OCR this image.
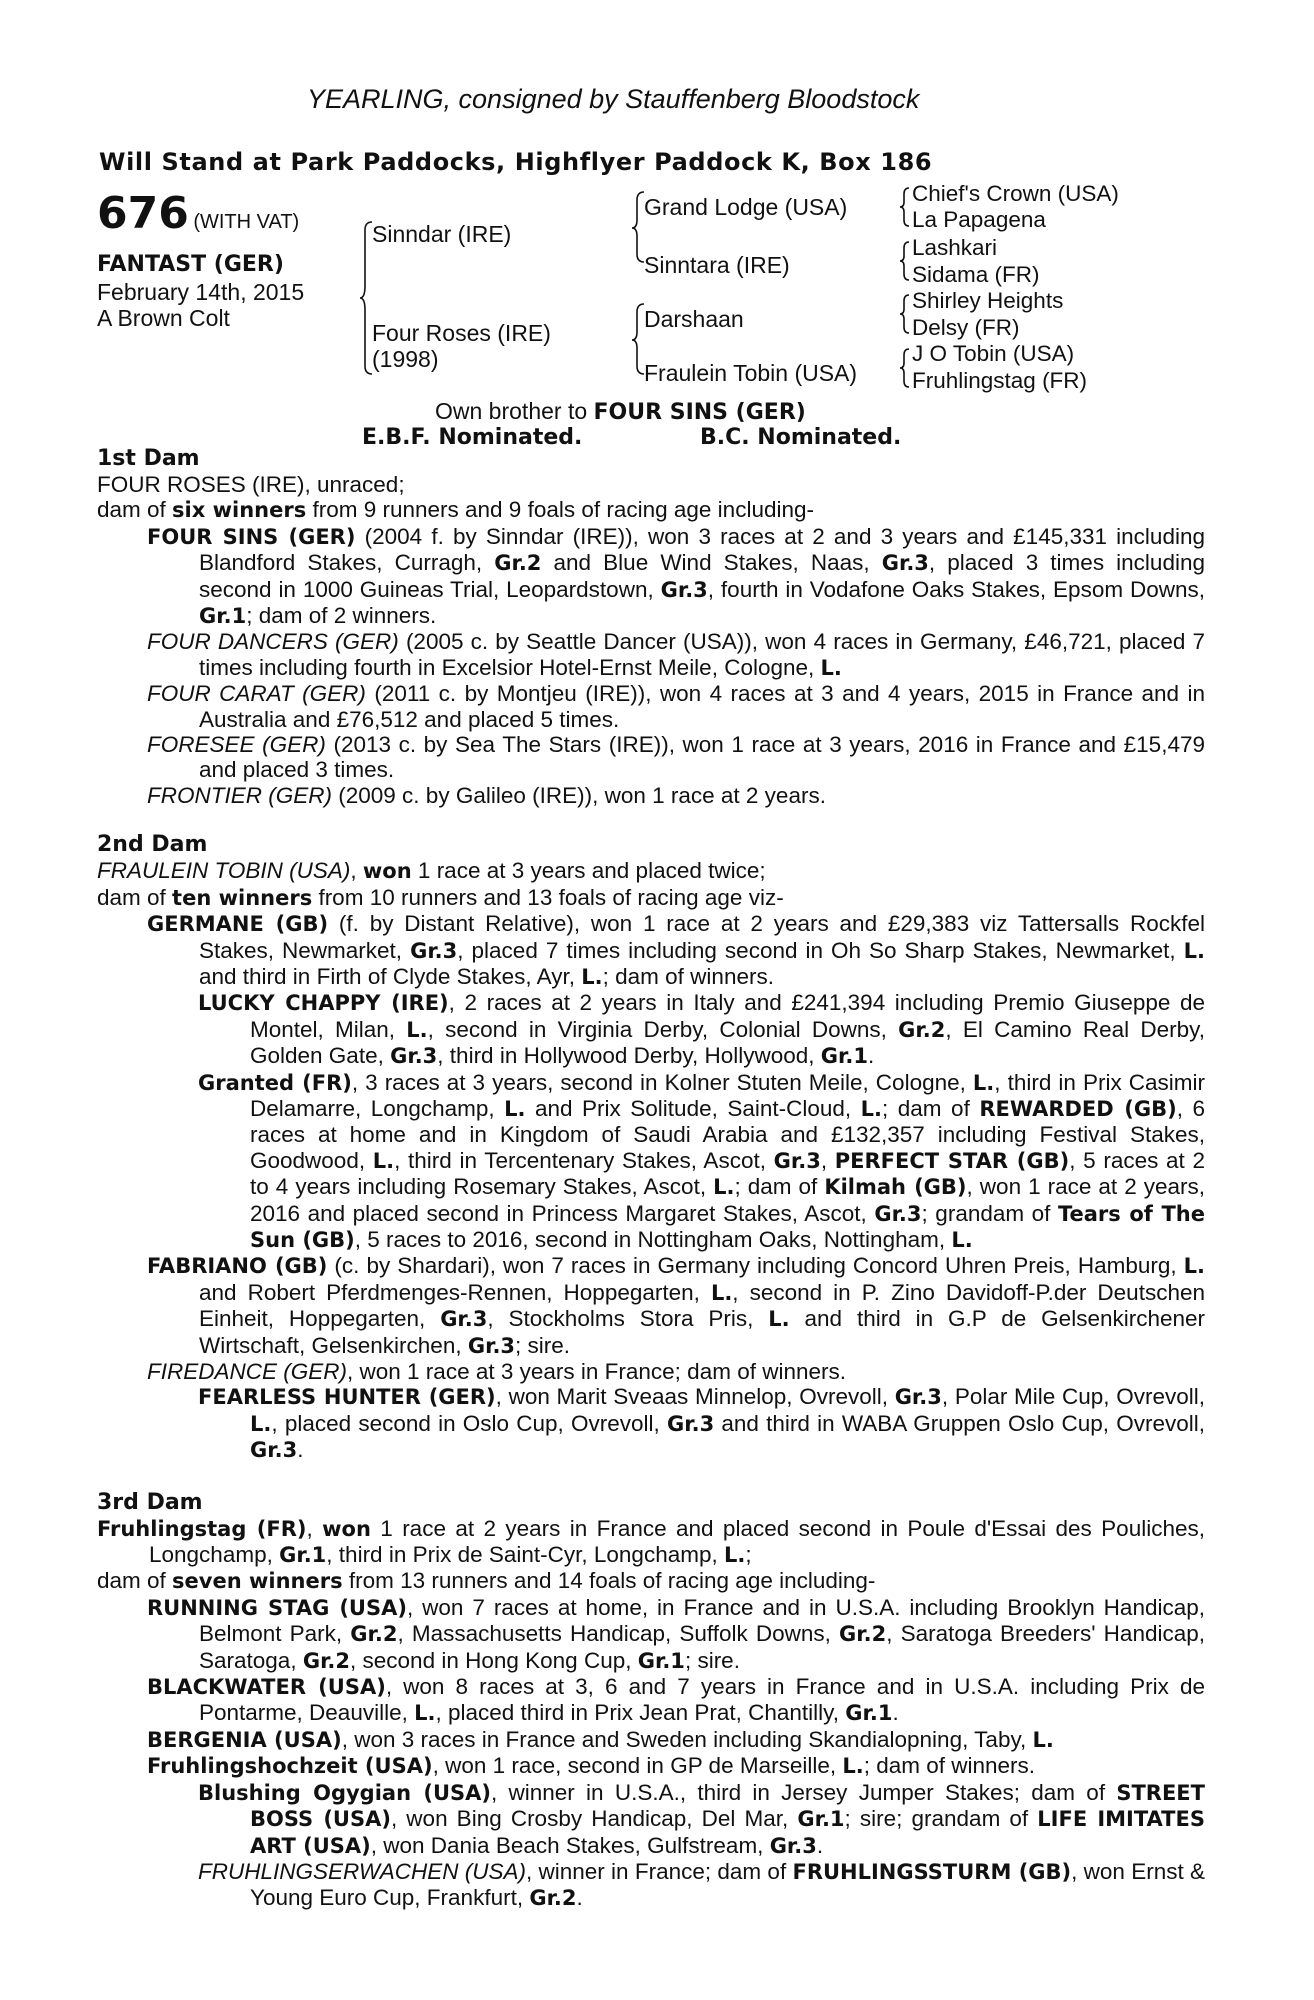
YEARLING, consigned by Stauffenberg Bloodstock
Will Stand at Park Paddocks, Highflyer Paddock K, Box 186
676 (WITH VAT)
FANTAST (GER)
February 14th, 2015
A Brown Colt
Sinndar (IRE)
Four Roses (IRE)
(1998)
Grand Lodge (USA)
Sinntara (IRE)
Darshaan
Fraulein Tobin (USA)
Chief's Crown (USA)
La Papagena
Lashkari
Sidama (FR)
Shirley Heights
Delsy (FR)
J O Tobin (USA)
Fruhlingstag (FR)
Own brother to FOUR SINS (GER)
E.B.F. Nominated.	B.C. Nominated.
1st Dam
FOUR ROSES (IRE), unraced;
dam of six winners from 9 runners and 9 foals of racing age including-
FOUR SINS (GER) (2004 f. by Sinndar (IRE)), won 3 races at 2 and 3 years and £145,331 including Blandford Stakes, Curragh, Gr.2 and Blue Wind Stakes, Naas, Gr.3, placed 3 times including second in 1000 Guineas Trial, Leopardstown, Gr.3, fourth in Vodafone Oaks Stakes, Epsom Downs, Gr.1; dam of 2 winners.
FOUR DANCERS (GER) (2005 c. by Seattle Dancer (USA)), won 4 races in Germany, £46,721, placed 7 times including fourth in Excelsior Hotel-Ernst Meile, Cologne, L.
FOUR CARAT (GER) (2011 c. by Montjeu (IRE)), won 4 races at 3 and 4 years, 2015 in France and in Australia and £76,512 and placed 5 times.
FORESEE (GER) (2013 c. by Sea The Stars (IRE)), won 1 race at 3 years, 2016 in France and £15,479 and placed 3 times.
FRONTIER (GER) (2009 c. by Galileo (IRE)), won 1 race at 2 years.
2nd Dam
FRAULEIN TOBIN (USA), won 1 race at 3 years and placed twice;
dam of ten winners from 10 runners and 13 foals of racing age viz-
GERMANE (GB) (f. by Distant Relative), won 1 race at 2 years and £29,383 viz Tattersalls Rockfel Stakes, Newmarket, Gr.3, placed 7 times including second in Oh So Sharp Stakes, Newmarket, L. and third in Firth of Clyde Stakes, Ayr, L.; dam of winners.
LUCKY CHAPPY (IRE), 2 races at 2 years in Italy and £241,394 including Premio Giuseppe de Montel, Milan, L., second in Virginia Derby, Colonial Downs, Gr.2, El Camino Real Derby, Golden Gate, Gr.3, third in Hollywood Derby, Hollywood, Gr.1.
Granted (FR), 3 races at 3 years, second in Kolner Stuten Meile, Cologne, L., third in Prix Casimir Delamarre, Longchamp, L. and Prix Solitude, Saint-Cloud, L.; dam of REWARDED (GB), 6 races at home and in Kingdom of Saudi Arabia and £132,357 including Festival Stakes, Goodwood, L., third in Tercentenary Stakes, Ascot, Gr.3, PERFECT STAR (GB), 5 races at 2 to 4 years including Rosemary Stakes, Ascot, L.; dam of Kilmah (GB), won 1 race at 2 years, 2016 and placed second in Princess Margaret Stakes, Ascot, Gr.3; grandam of Tears of The Sun (GB), 5 races to 2016, second in Nottingham Oaks, Nottingham, L.
FABRIANO (GB) (c. by Shardari), won 7 races in Germany including Concord Uhren Preis, Hamburg, L. and Robert Pferdmenges-Rennen, Hoppegarten, L., second in P. Zino Davidoff-P.der Deutschen Einheit, Hoppegarten, Gr.3, Stockholms Stora Pris, L. and third in G.P de Gelsenkirchener Wirtschaft, Gelsenkirchen, Gr.3; sire.
FIREDANCE (GER), won 1 race at 3 years in France; dam of winners.
FEARLESS HUNTER (GER), won Marit Sveaas Minnelop, Ovrevoll, Gr.3, Polar Mile Cup, Ovrevoll, L., placed second in Oslo Cup, Ovrevoll, Gr.3 and third in WABA Gruppen Oslo Cup, Ovrevoll, Gr.3.
3rd Dam
Fruhlingstag (FR), won 1 race at 2 years in France and placed second in Poule d'Essai des Pouliches, Longchamp, Gr.1, third in Prix de Saint-Cyr, Longchamp, L.;
dam of seven winners from 13 runners and 14 foals of racing age including-
RUNNING STAG (USA), won 7 races at home, in France and in U.S.A. including Brooklyn Handicap, Belmont Park, Gr.2, Massachusetts Handicap, Suffolk Downs, Gr.2, Saratoga Breeders' Handicap, Saratoga, Gr.2, second in Hong Kong Cup, Gr.1; sire.
BLACKWATER (USA), won 8 races at 3, 6 and 7 years in France and in U.S.A. including Prix de Pontarme, Deauville, L., placed third in Prix Jean Prat, Chantilly, Gr.1.
BERGENIA (USA), won 3 races in France and Sweden including Skandialopning, Taby, L.
Fruhlingshochzeit (USA), won 1 race, second in GP de Marseille, L.; dam of winners.
Blushing Ogygian (USA), winner in U.S.A., third in Jersey Jumper Stakes; dam of STREET BOSS (USA), won Bing Crosby Handicap, Del Mar, Gr.1; sire; grandam of LIFE IMITATES ART (USA), won Dania Beach Stakes, Gulfstream, Gr.3.
FRUHLINGSERWACHEN (USA), winner in France; dam of FRUHLINGSSTURM (GB), won Ernst & Young Euro Cup, Frankfurt, Gr.2.
